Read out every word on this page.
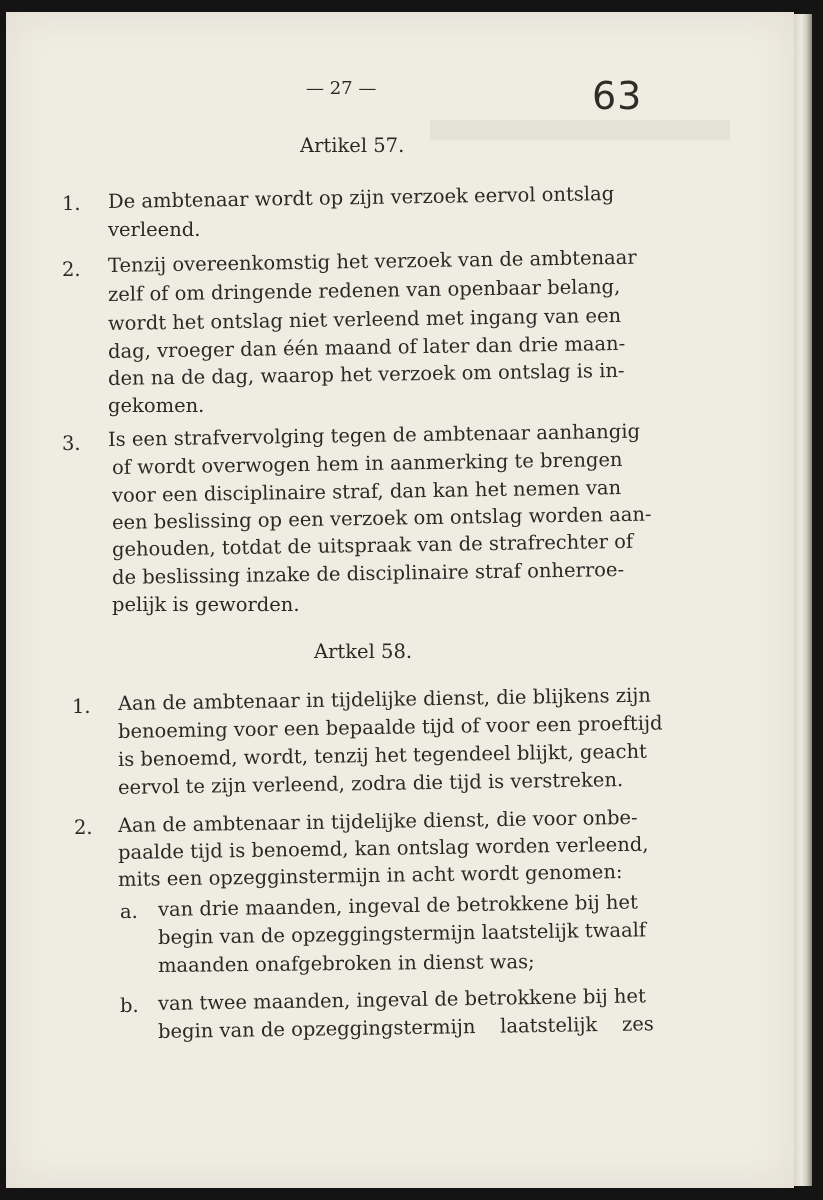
— 27 —	63
Artikel 57.
1. De ambtenaar wordt op zijn verzoek eervol ontslag
verleend.
2. Tenzij overeenkomstig het verzoek van de ambtenaar
zelf of om dringende redenen van openbaar belang,
wordt het ontslag niet verleend met ingang van een
dag, vroeger dan één maand of later dan drie maan-
den na de dag, waarop het verzoek om ontslag is in-
gekomen.
3. Is een strafvervolging tegen de ambtenaar aanhangig
of wordt overwogen hem in aanmerking te brengen
voor een disciplinaire straf, dan kan het nemen van
een beslissing op een verzoek om ontslag worden aan-
gehouden, totdat de uitspraak van de strafrechter of
de beslissing inzake de disciplinaire straf onherroe-
pelijk is geworden.
Artkel 58.
1. Aan de ambtenaar in tijdelijke dienst, die blijkens zijn
benoeming voor een bepaalde tijd of voor een proeftijd
is benoemd, wordt, tenzij het tegendeel blijkt, geacht
eervol te zijn verleend, zodra die tijd is verstreken.
2. Aan de ambtenaar in tijdelijke dienst, die voor onbe-
paalde tijd is benoemd, kan ontslag worden verleend,
mits een opzegginstermijn in acht wordt genomen:
a. van drie maanden, ingeval de betrokkene bij het
begin van de opzeggingstermijn laatstelijk twaalf
maanden onafgebroken in dienst was;
b. van twee maanden, ingeval de betrokkene bij het
begin van de opzeggingstermijn    laatstelijk    zes
